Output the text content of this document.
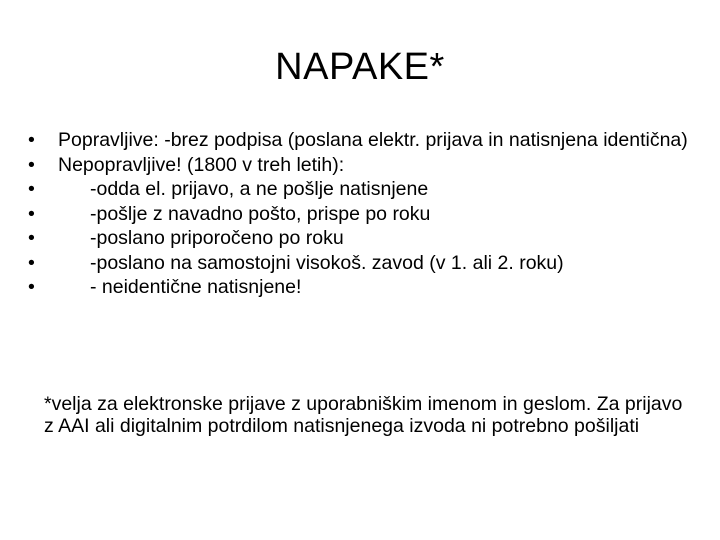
NAPAKE*
•	Popravljive: -brez podpisa (poslana elektr. prijava in natisnjena identična)
•	Nepopravljive! (1800 v treh letih):
•	-odda el. prijavo, a ne pošlje natisnjene
•	-pošlje z navadno pošto, prispe po roku
•	-poslano priporočeno po roku
•	-poslano na samostojni visokoš. zavod (v 1. ali 2. roku)
•	- neidentične natisnjene!

*velja za elektronske prijave z uporabniškim imenom in geslom. Za prijavo z AAI ali digitalnim potrdilom natisnjenega izvoda ni potrebno pošiljati
